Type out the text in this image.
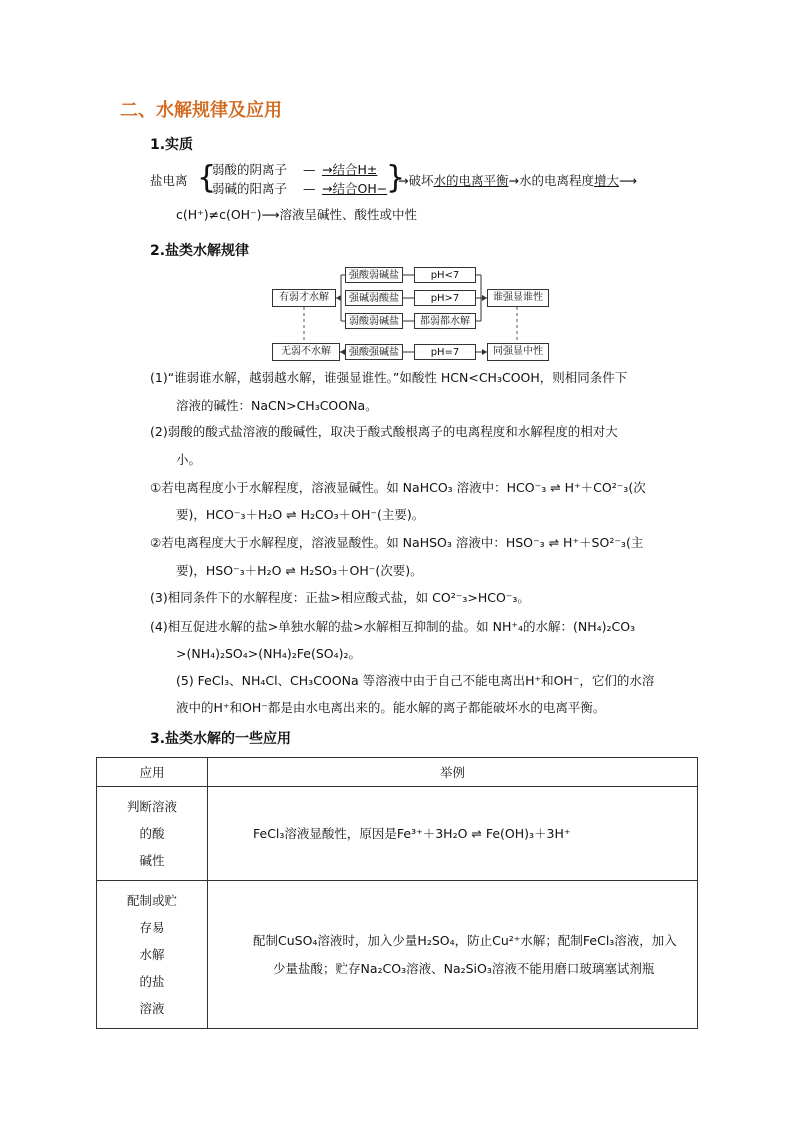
二、水解规律及应用
1.实质
盐电离 {
弱酸的阴离子
弱碱的阳离子
—
—
→结合H±
→结合OH−
}
→破坏水的电离平衡→水的电离程度增大⟶
c(H⁺)≠c(OH⁻)⟶溶液呈碱性、酸性或中性
2.盐类水解规律
有弱才水解
无弱不水解
强酸弱碱盐
强碱弱酸盐
弱酸弱碱盐
强酸强碱盐
pH<7
pH>7
都弱都水解
pH=7
谁强显谁性
同强显中性
(1)“谁弱谁水解，越弱越水解，谁强显谁性。”如酸性 HCN<CH₃COOH，则相同条件下
溶液的碱性：NaCN>CH₃COONa。
(2)弱酸的酸式盐溶液的酸碱性，取决于酸式酸根离子的电离程度和水解程度的相对大
小。
①若电离程度小于水解程度，溶液显碱性。如 NaHCO₃ 溶液中：HCO⁻₃ ⇌ H⁺＋CO²⁻₃(次
要)，HCO⁻₃＋H₂O ⇌ H₂CO₃＋OH⁻(主要)。
②若电离程度大于水解程度，溶液显酸性。如 NaHSO₃ 溶液中：HSO⁻₃ ⇌ H⁺＋SO²⁻₃(主
要)，HSO⁻₃＋H₂O ⇌ H₂SO₃＋OH⁻(次要)。
(3)相同条件下的水解程度：正盐>相应酸式盐，如 CO²⁻₃>HCO⁻₃。
(4)相互促进水解的盐>单独水解的盐>水解相互抑制的盐。如 NH⁺₄的水解：(NH₄)₂CO₃
>(NH₄)₂SO₄>(NH₄)₂Fe(SO₄)₂。
(5) FeCl₃、NH₄Cl、CH₃COONa 等溶液中由于自己不能电离出H⁺和OH⁻，它们的水溶
液中的H⁺和OH⁻都是由水电离出来的。能水解的离子都能破坏水的电离平衡。
3.盐类水解的一些应用
应用	举例

判断溶液
的酸
碱性	FeCl₃溶液显酸性，原因是Fe³⁺＋3H₂O ⇌ Fe(OH)₃＋3H⁺

配制或贮
存易
水解
的盐
溶液	配制CuSO₄溶液时，加入少量H₂SO₄，防止Cu²⁺水解；配制FeCl₃溶液，加入少量盐酸；贮存Na₂CO₃溶液、Na₂SiO₃溶液不能用磨口玻璃塞试剂瓶
